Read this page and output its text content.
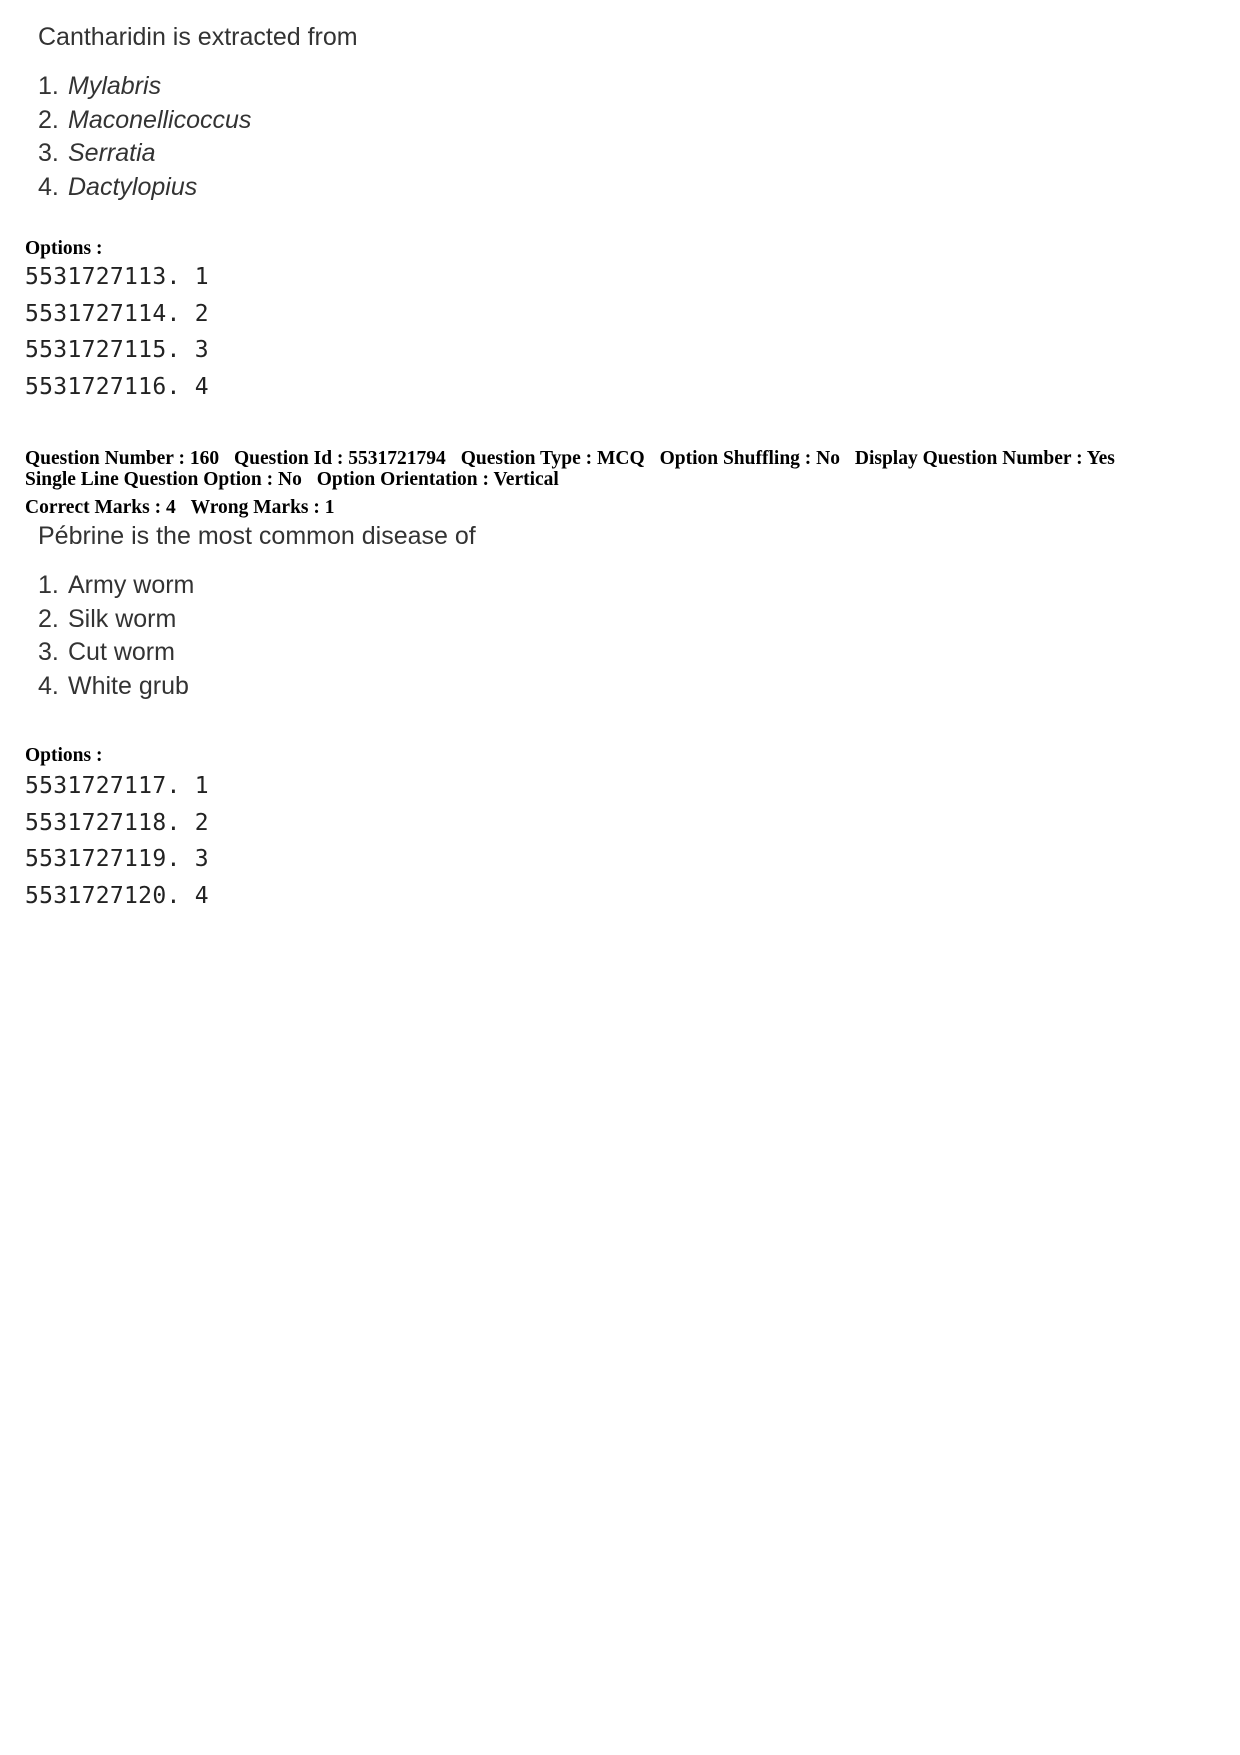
Cantharidin is extracted from

1. Mylabris
2. Maconellicoccus
3. Serratia
4. Dactylopius
Options :
5531727113. 1
5531727114. 2
5531727115. 3
5531727116. 4
Question Number : 160 Question Id : 5531721794 Question Type : MCQ Option Shuffling : No Display Question Number : Yes
Single Line Question Option : No Option Orientation : Vertical
Correct Marks : 4 Wrong Marks : 1

Pébrine is the most common disease of

1. Army worm
2. Silk worm
3. Cut worm
4. White grub
Options :
5531727117. 1
5531727118. 2
5531727119. 3
5531727120. 4
